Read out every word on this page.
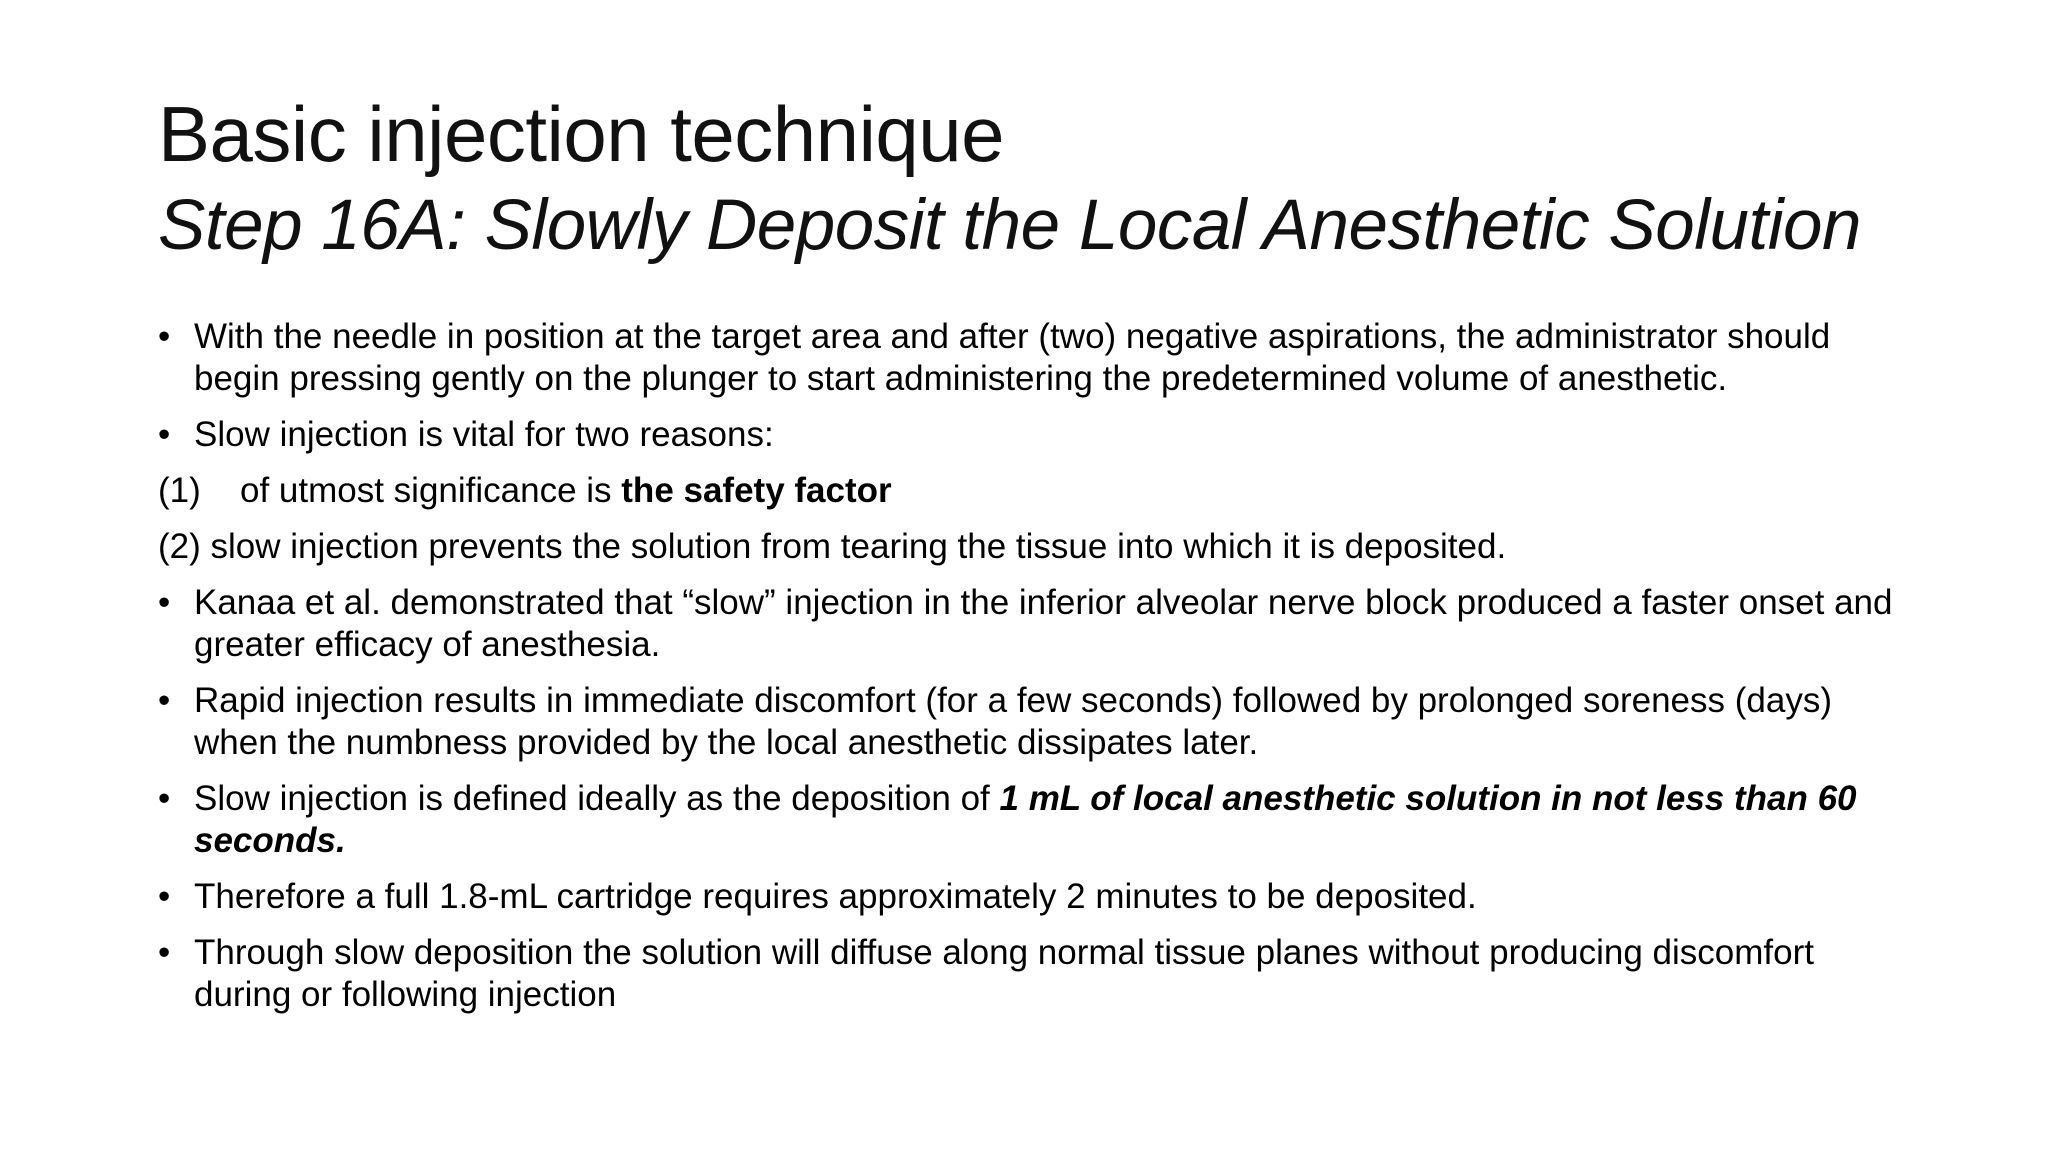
Basic injection technique
Step 16A: Slowly Deposit the Local Anesthetic Solution
• With the needle in position at the target area and after (two) negative aspirations, the administrator should begin pressing gently on the plunger to start administering the predetermined volume of anesthetic.
• Slow injection is vital for two reasons:
(1) of utmost significance is the safety factor
(2) slow injection prevents the solution from tearing the tissue into which it is deposited.
• Kanaa et al. demonstrated that “slow” injection in the inferior alveolar nerve block produced a faster onset and greater efficacy of anesthesia.
• Rapid injection results in immediate discomfort (for a few seconds) followed by prolonged soreness (days) when the numbness provided by the local anesthetic dissipates later.
• Slow injection is defined ideally as the deposition of 1 mL of local anesthetic solution in not less than 60 seconds.
• Therefore a full 1.8-mL cartridge requires approximately 2 minutes to be deposited.
• Through slow deposition the solution will diffuse along normal tissue planes without producing discomfort during or following injection
